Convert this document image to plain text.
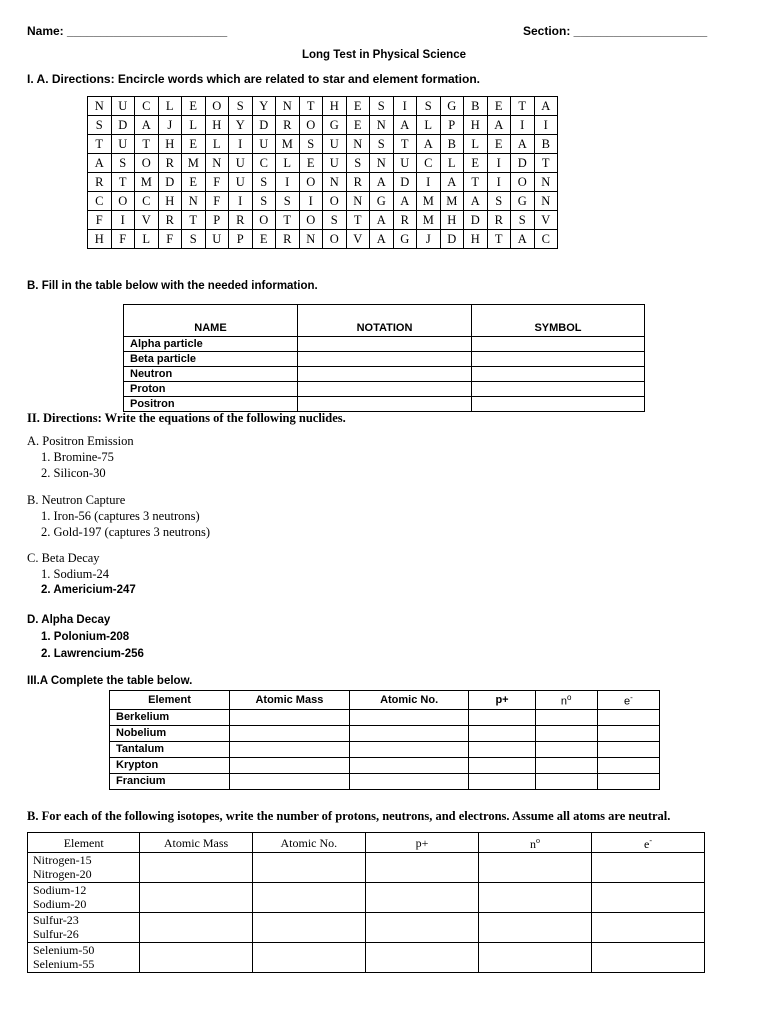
Name: ________________________	Section: ____________________
Long Test in Physical Science
I. A. Directions: Encircle words which are related to star and element formation.
N	U	C	L	E	O	S	Y	N	T	H	E	S	I	S	G	B	E	T	A
S	D	A	J	L	H	Y	D	R	O	G	E	N	A	L	P	H	A	I	I
T	U	T	H	E	L	I	U	M	S	U	N	S	T	A	B	L	E	A	B
A	S	O	R	M	N	U	C	L	E	U	S	N	U	C	L	E	I	D	T
R	T	M	D	E	F	U	S	I	O	N	R	A	D	I	A	T	I	O	N
C	O	C	H	N	F	I	S	S	I	O	N	G	A	M	M	A	S	G	N
F	I	V	R	T	P	R	O	T	O	S	T	A	R	M	H	D	R	S	V
H	F	L	F	S	U	P	E	R	N	O	V	A	G	J	D	H	T	A	C
B. Fill in the table below with the needed information.
NAME	NOTATION	SYMBOL
Alpha particle		
Beta particle		
Neutron		
Proton		
Positron		
II. Directions: Write the equations of the following nuclides.
A. Positron Emission
1. Bromine-75
2. Silicon-30
B. Neutron Capture
1. Iron-56 (captures 3 neutrons)
2. Gold-197 (captures 3 neutrons)
C. Beta Decay
1. Sodium-24
2. Americium-247
D. Alpha Decay
1. Polonium-208
2. Lawrencium-256
III.A Complete the table below.
Element	Atomic Mass	Atomic No.	p+	$n^o$	e-
Berkelium					
Nobelium					
Tantalum					
Krypton					
Francium					
B. For each of the following isotopes, write the number of protons, neutrons, and electrons. Assume all atoms are neutral.
Element	Atomic Mass	Atomic No.	p+	$n^o$	e-

Nitrogen-15
Nitrogen-20					

Sodium-12
Sodium-20					

Sulfur-23
Sulfur-26					

Selenium-50
Selenium-55					
